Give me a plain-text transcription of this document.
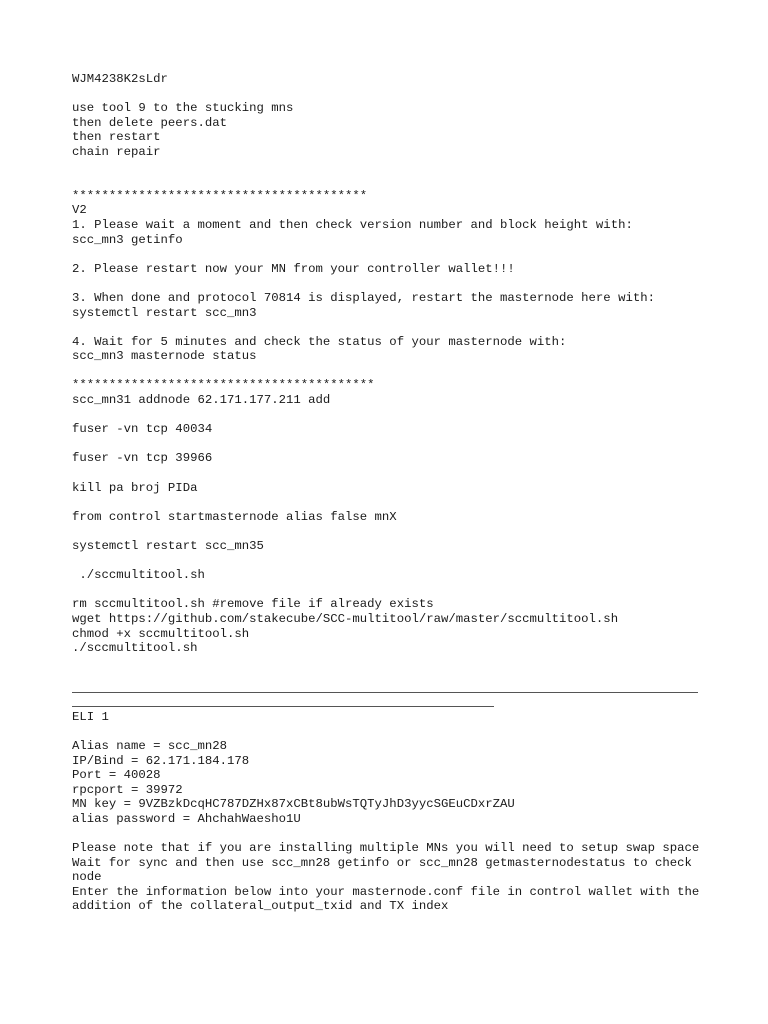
WJM4238K2sLdr
use tool 9 to the stucking mns
then delete peers.dat
then restart
chain repair
****************************************
V2
1. Please wait a moment and then check version number and block height with:
scc_mn3 getinfo
2. Please restart now your MN from your controller wallet!!!
3. When done and protocol 70814 is displayed, restart the masternode here with:
systemctl restart scc_mn3
4. Wait for 5 minutes and check the status of your masternode with:
scc_mn3 masternode status
*****************************************
scc_mn31 addnode 62.171.177.211 add
fuser -vn tcp 40034
fuser -vn tcp 39966
kill pa broj PIDa
from control startmasternode alias false mnX
systemctl restart scc_mn35
./sccmultitool.sh
rm sccmultitool.sh #remove file if already exists
wget https://github.com/stakecube/SCC-multitool/raw/master/sccmultitool.sh
chmod +x sccmultitool.sh
./sccmultitool.sh
ELI 1
Alias name = scc_mn28
IP/Bind = 62.171.184.178
Port = 40028
rpcport = 39972
MN key = 9VZBzkDcqHC787DZHx87xCBt8ubWsTQTyJhD3yycSGEuCDxrZAU
alias password = AhchahWaesho1U
Please note that if you are installing multiple MNs you will need to setup swap space
Wait for sync and then use scc_mn28 getinfo or scc_mn28 getmasternodestatus to check node
Enter the information below into your masternode.conf file in control wallet with the addition of the collateral_output_txid and TX index
